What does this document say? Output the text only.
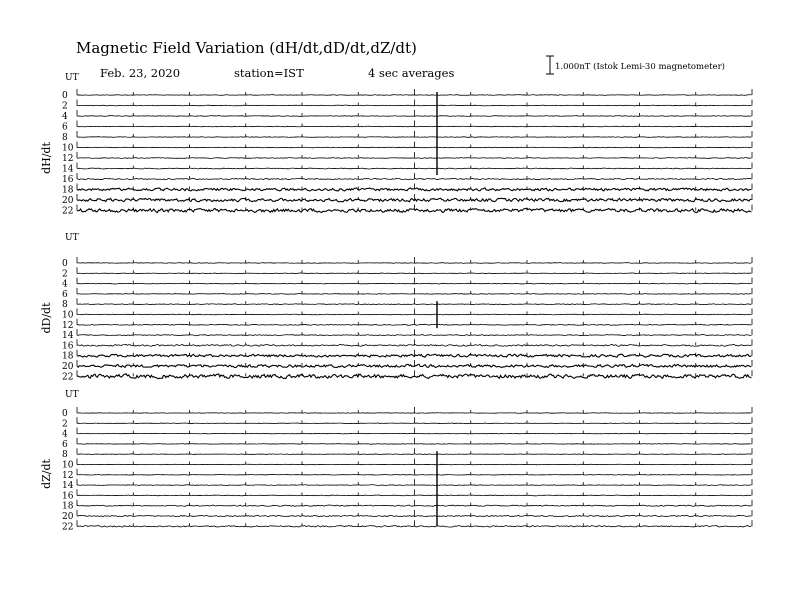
Magnetic Field Variation (dH/dt,dD/dt,dZ/dt)
Feb. 23, 2020	station=IST	4 sec averages	1.000nT (Istok Lemi-30 magnetometer)
UT
dH/dt
0
2
4
6
8
10
12
14
16
18
20
22
UT
dD/dt
0
2
4
6
8
10
12
14
16
18
20
22
UT
dZ/dt
0
2
4
6
8
10
12
14
16
18
20
22
